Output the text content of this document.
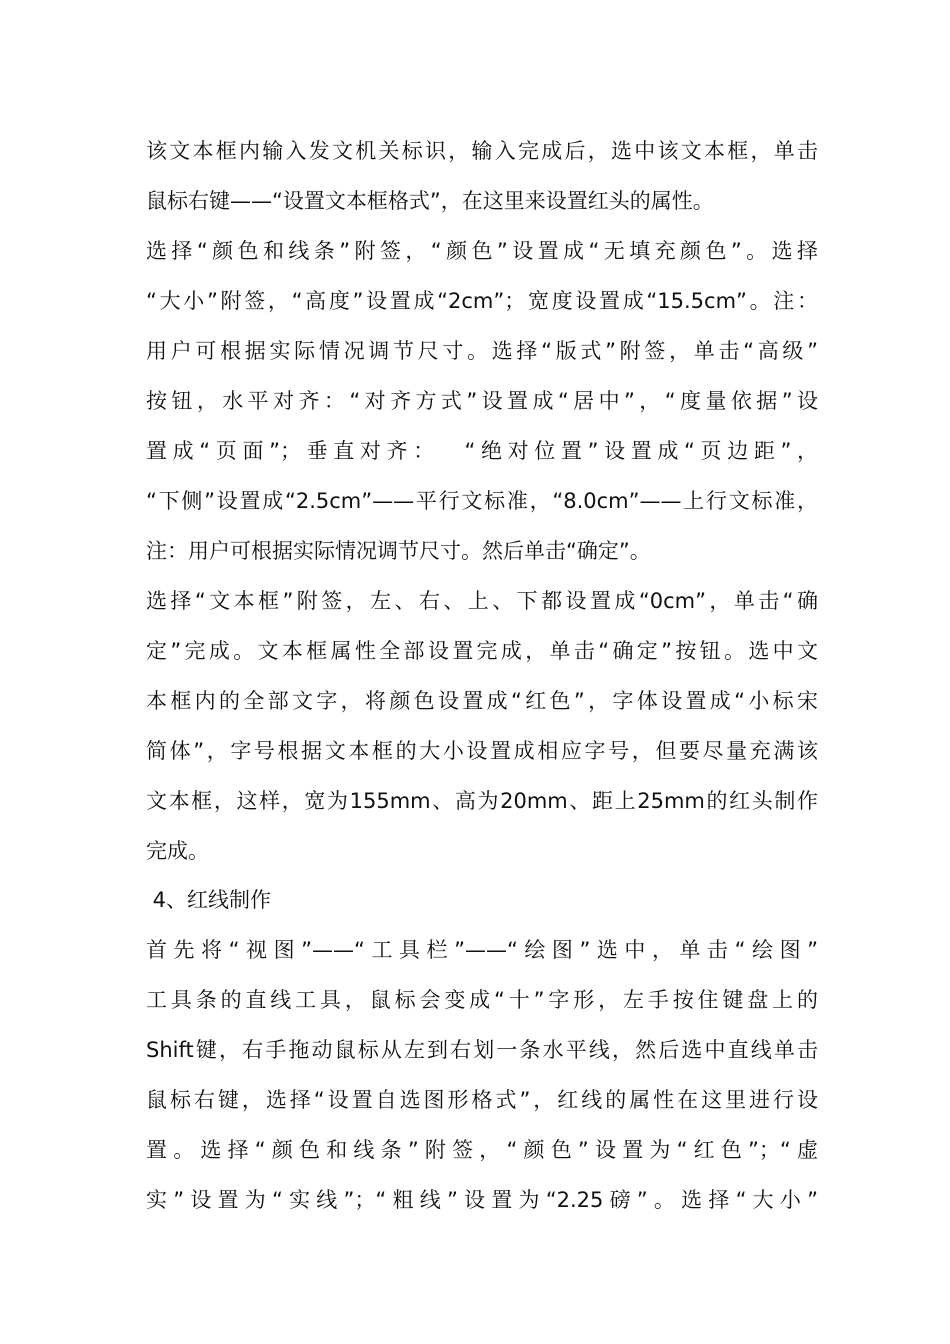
该文本框内输入发文机关标识，输入完成后，选中该文本框，单击
鼠标右键——“设置文本框格式”，在这里来设置红头的属性。
选择“颜色和线条”附签，“颜色”设置成“无填充颜色”。选择
“大小”附签，“高度”设置成“2cm”；宽度设置成“15.5cm”。注：
用户可根据实际情况调节尺寸。选择“版式”附签，单击“高级”
按钮，水平对齐：“对齐方式”设置成“居中”，“度量依据”设
置成“页面”；垂直对齐：  “绝对位置”设置成“页边距”，
“下侧”设置成“2.5cm”——平行文标准，“8.0cm”——上行文标准，
注：用户可根据实际情况调节尺寸。然后单击“确定”。
选择“文本框”附签，左、右、上、下都设置成“0cm”，单击“确
定”完成。文本框属性全部设置完成，单击“确定”按钮。选中文
本框内的全部文字，将颜色设置成“红色”，字体设置成“小标宋
简体”，字号根据文本框的大小设置成相应字号，但要尽量充满该
文本框，这样，宽为155mm、高为20mm、距上25mm的红头制作
完成。
4、红线制作
首先将“视图”——“工具栏”——“绘图”选中，单击“绘图”
工具条的直线工具，鼠标会变成“十”字形，左手按住键盘上的
Shift键，右手拖动鼠标从左到右划一条水平线，然后选中直线单击
鼠标右键，选择“设置自选图形格式”，红线的属性在这里进行设
置。选择“颜色和线条”附签，“颜色”设置为“红色”；“虚
实”设置为“实线”；“粗线”设置为“2.25磅”。选择“大小”
